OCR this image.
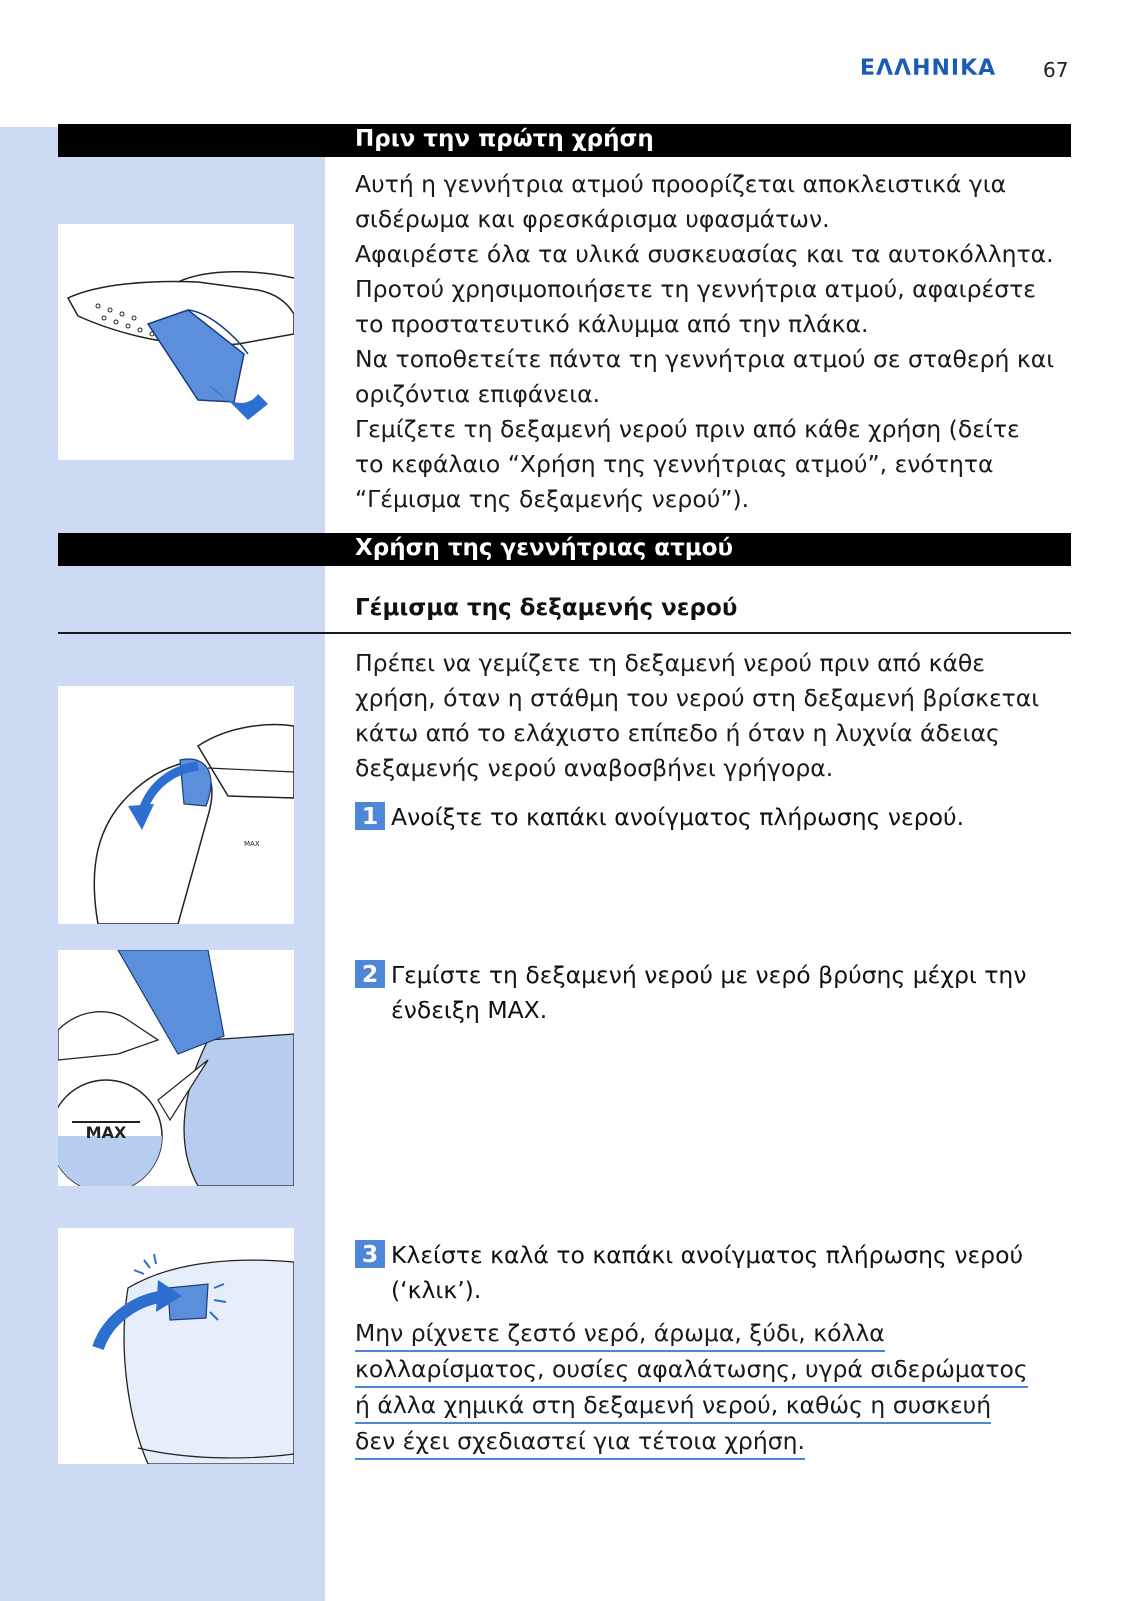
ΕΛΛΗΝΙΚΑ 67
Πριν την πρώτη χρήση

Αυτή η γεννήτρια ατμού προορίζεται αποκλειστικά για

σιδέρωμα και φρεσκάρισμα υφασμάτων.

Αφαιρέστε όλα τα υλικά συσκευασίας και τα αυτοκόλλητα.

Προτού χρησιμοποιήσετε τη γεννήτρια ατμού, αφαιρέστε

το προστατευτικό κάλυμμα από την πλάκα.

Να τοποθετείτε πάντα τη γεννήτρια ατμού σε σταθερή και

οριζόντια επιφάνεια.

Γεμίζετε τη δεξαμενή νερού πριν από κάθε χρήση (δείτε

το κεφάλαιο “Χρήση της γεννήτριας ατμού”, ενότητα

“Γέμισμα της δεξαμενής νερού”).

Χρήση της γεννήτριας ατμού
Γέμισμα της δεξαμενής νερού

Πρέπει να γεμίζετε τη δεξαμενή νερού πριν από κάθε

χρήση, όταν η στάθμη του νερού στη δεξαμενή βρίσκεται

κάτω από το ελάχιστο επίπεδο ή όταν η λυχνία άδειας

δεξαμενής νερού αναβοσβήνει γρήγορα.

1 Ανοίξτε το καπάκι ανοίγματος πλήρωσης νερού.
2 Γεμίστε τη δεξαμενή νερού με νερό βρύσης μέχρι την
ένδειξη MAX.
3 Κλείστε καλά το καπάκι ανοίγματος πλήρωσης νερού
(‘κλικ’).
Μην ρίχνετε ζεστό νερό, άρωμα, ξύδι, κόλλα
κολλαρίσματος, ουσίες αφαλάτωσης, υγρά σιδερώματος
ή άλλα χημικά στη δεξαμενή νερού, καθώς η συσκευή
δεν έχει σχεδιαστεί για τέτοια χρήση.
MAX
MAX
